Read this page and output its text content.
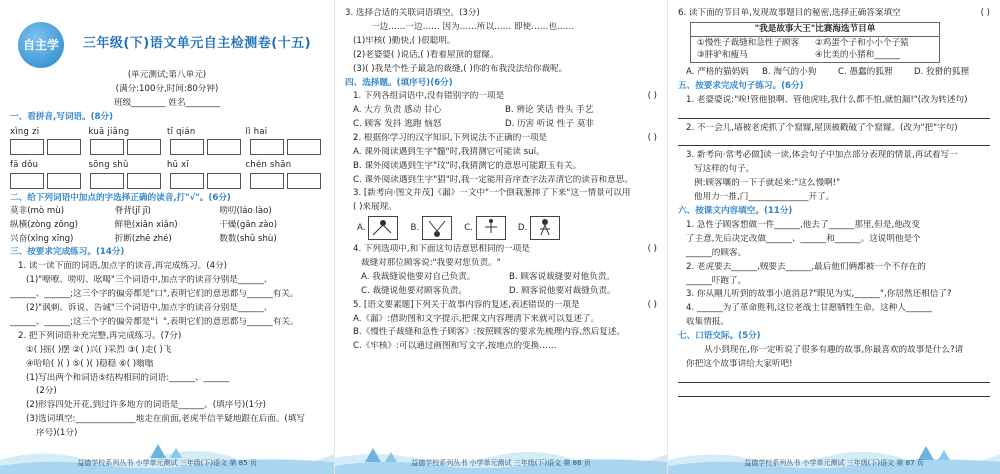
自主学	三年级(下)语文单元自主检测卷(十五)
(单元测试;第八单元)
(满分:100分,时间:80分钟)
班级________ 姓名________
一、看拼音,写词语。(8分)
xìng zi	kuā jiǎng	tǐ qián	lì hai
fā dǒu	sōng shǔ	hū xī	chén shān
二、给下列词语中加点的字选择正确的读音,打"√"。(6分)
莫非(mò mù)	脊背(jǐ jī)	唠叨(láo lào)
纵横(zòng zōng)	鲜艳(xiān xiǎn)	干燥(gān zào)
兴奋(xìng xīng)	折断(zhē zhé)	数数(shǔ shù)
三、按要求完成练习。(14分)
1. 读一读下面的词语,加点字的读音,再完成练习。(4分)
(1)"嘹嘹、唠叨、吆喝"三个词语中,加点字的读音分别是______、
______、______;这三个字的偏旁都是"口",表明它们的意思都与______有关。
(2)"讽刺、诉说、告诫"三个词语中,加点字的读音分别是______、
______、______;这三个字的偏旁都是"讠",表明它们的意思都与______有关。
2. 把下列词语补充完整,再完成练习。(7分)
①( )摇( )摆 ②( )兴( )采烈 ③( )走( )飞
④哈哈( )( ) ⑤( )( )稳稳 ⑥( )嗡嗡
(1)写出两个和词语⑤结构相同的词语:______、______
(2分)
(2)形容四处开花,到过许多地方的词语是______。(填序号)(1分)
(3)选词填空:______________地走在前面,老虎半信半疑地跟在后面。(填写
序号)(1分)
益德学校系列丛书 小学单元测试 三年级(下)语文 第 85 页
3. 选择合适的关联词语填空。(3分)
一边……一边…… 因为……所以…… 即使……也……
(1)牢核( )勤快,( )很聪明。
(2)老婆婆( )说话,( )看着屋顶的窟窿。
(3)( )我是个性子最急的裁缝,( )你的布我没法给你裁呢。
四、选择题。(填序号)(6分)
1. 下列各组词语中,没有错别字的一项是	( )
A. 大方 负责 感动 甘心	B. 辨论 笑话 骨头 手艺
C. 顾客 发抖 逃跑 恼怒	D. 历害 听说 性子 莫非
2. 根据你学习的汉字知识,下列说法不正确的一项是	( )
A. 课外阅读遇到生字"髓"时,我猜测它可能读 suí。
B. 课外阅读遇到生字"玟"时,我猜测它的意思可能跟玉有关。
C. 课外阅读遇到生字"猖"时,我一定能用音序查字法弄清它的读音和意思。
3. [新考向·图文并茂]《漏》一文中"一个倒栽葱摔了下来"这一情景可以用
( )来展现。
A.	B.	C.	D.
4. 下列选项中,和下面这句话意思相同的一项是	( )
裁缝对那位顾客说:"我要对您负责。"
A. 我裁缝说他要对自己负责。	B. 顾客说裁缝要对他负责。
C. 裁缝说他要对顾客负责。	D. 顾客说他要对裁缝负责。
5. [语文要素题]下列关于故事内容的复述,表述错误的一项是	( )
A.《漏》:借助图和文字提示,把课文内容理清下来就可以复述了。
B.《慢性子裁缝和急性子顾客》:按照顾客的要求先梳理内容,然后复述。
C.《牢核》:可以通过画图和写文字,按地点的变换……
益德学校系列丛书 小学单元测试 三年级(下)语文 第 86 页
6. 读下面的节目单,发现故事题目的秘密,选择正确答案填空	( )
"我是故事大王"比赛海选节目单
①慢性子裁缝和急性子顾客	②鸡蛋个子和小小个子猿
③胖驴和瘦马	④比美的小猪和______
A. 严格的猫妈妈	B. 淘气的小狗	C. 愚蠢的狐狸	D. 狡猾的狐狸
五、按要求完成句子练习。(6分)
1. 老婆婆说:"唉!管他狼啊、管他虎哇,我什么都不怕,就怕漏!"(改为转述句)
2. 不一会儿,墙被老虎抓了个窟窿,屋顶被戳破了个窟窿。(改为"把"字句)
3. 新考向·常考必做]读一读,体会句子中加点部分表现的情景,再试着写一
写这样的句子。
例:顾客嚷的一下子就起来:"这么慢啊!"
他用力一推,门______________开了。
六、按课文内容填空。(11分)
1. 急性子顾客想做一件______,他去了______那里,但是,他改变
了主意,先后决定改做______、______和______。这说明他是个
______的顾客。
2. 老虎要去______,贼要去______,最后他们俩都被一个不存在的
______吓跑了。
3. 你从剛儿听到的故事小道消息?"眼见为实,______",你居然还相信了?
4. ______为了革命胜利,这位老战士甘愿牺牲生命。这种人______
收集情报。
七、口语交际。(5分)
从小到现在,你一定听说了很多有趣的故事,你最喜欢的故事是什么?请
你把这个故事讲给大家听吧!
益德学校系列丛书 小学单元测试 三年级(下)语文 第 87 页
